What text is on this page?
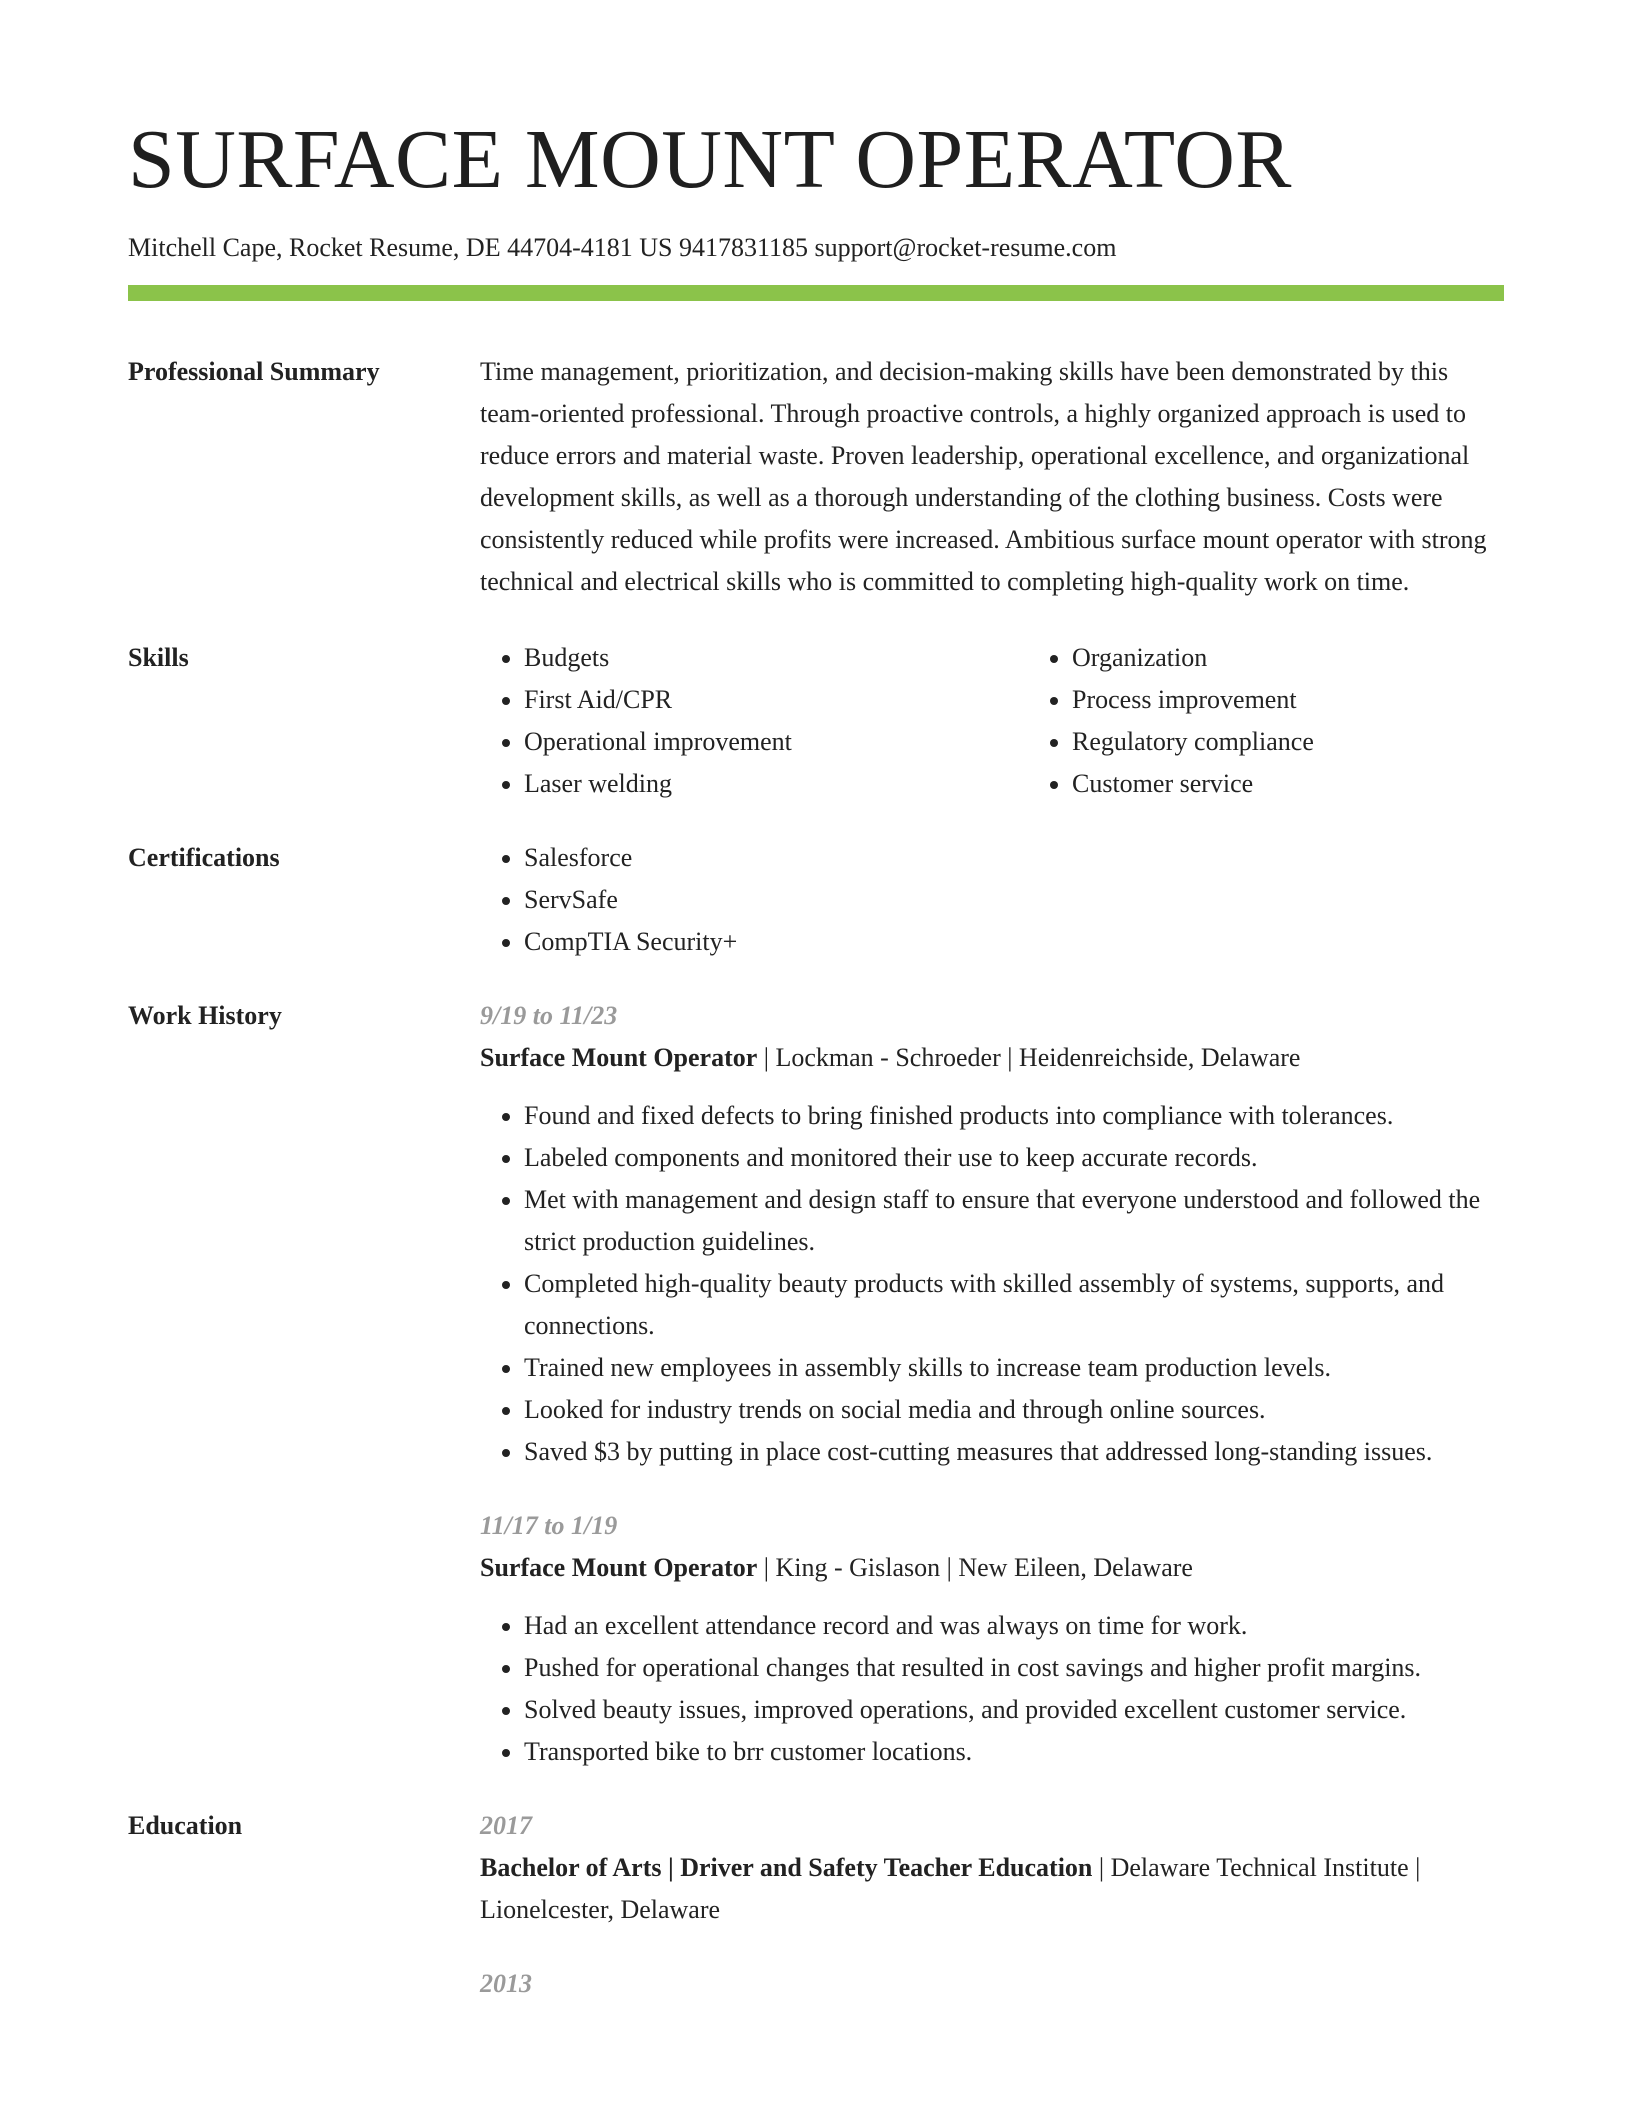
SURFACE MOUNT OPERATOR
Mitchell Cape, Rocket Resume, DE 44704-4181 US 9417831185 support@rocket-resume.com
Professional Summary	Time management, prioritization, and decision-making skills have been demonstrated by this team-oriented professional. Through proactive controls, a highly organized approach is used to reduce errors and material waste. Proven leadership, operational excellence, and organizational development skills, as well as a thorough understanding of the clothing business. Costs were consistently reduced while profits were increased. Ambitious surface mount operator with strong technical and electrical skills who is committed to completing high-quality work on time.

Skills	• Budgets
• First Aid/CPR
• Operational improvement
• Laser welding
• Organization
• Process improvement
• Regulatory compliance
• Customer service
Certifications	• Salesforce
• ServSafe
• CompTIA Security+
Work History	9/19 to 11/23
Surface Mount Operator | Lockman - Schroeder | Heidenreichside, Delaware
• Found and fixed defects to bring finished products into compliance with tolerances.
• Labeled components and monitored their use to keep accurate records.
• Met with management and design staff to ensure that everyone understood and followed the strict production guidelines.
• Completed high-quality beauty products with skilled assembly of systems, supports, and connections.
• Trained new employees in assembly skills to increase team production levels.
• Looked for industry trends on social media and through online sources.
• Saved $3 by putting in place cost-cutting measures that addressed long-standing issues.
11/17 to 1/19
Surface Mount Operator | King - Gislason | New Eileen, Delaware
• Had an excellent attendance record and was always on time for work.
• Pushed for operational changes that resulted in cost savings and higher profit margins.
• Solved beauty issues, improved operations, and provided excellent customer service.
• Transported bike to brr customer locations.
Education	2017
Bachelor of Arts | Driver and Safety Teacher Education | Delaware Technical Institute | Lionelcester, Delaware
2013
